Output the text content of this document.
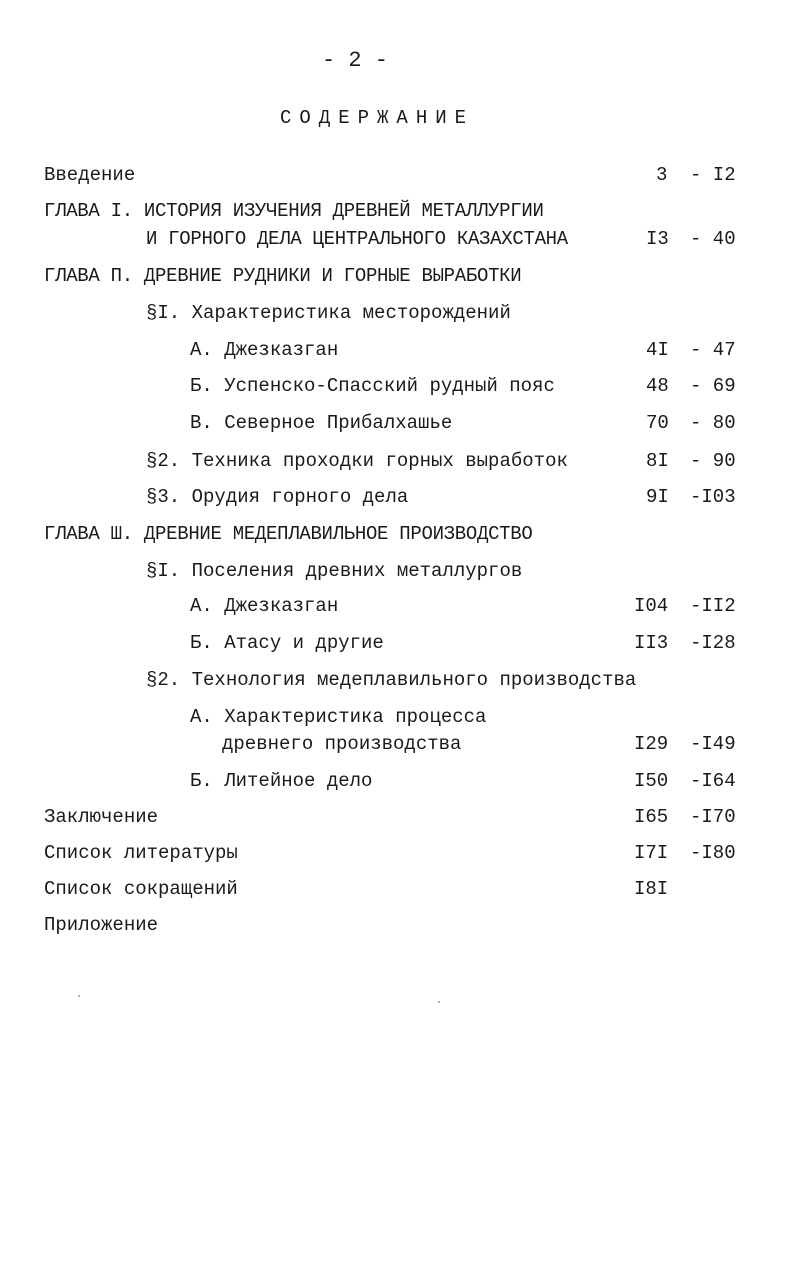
- 2 -
СОДЕРЖАНИЕ
Введение	3 - I2
ГЛАВА I. ИСТОРИЯ ИЗУЧЕНИЯ ДРЕВНЕЙ МЕТАЛЛУРГИИ
И ГОРНОГО ДЕЛА ЦЕНТРАЛЬНОГО КАЗАХСТАНА	I3 - 40
ГЛАВА П. ДРЕВНИЕ РУДНИКИ И ГОРНЫЕ ВЫРАБОТКИ
§I. Характеристика месторождений
А. Джезказган	4I - 47
Б. Успенско-Спасский рудный пояс	48 - 69
В. Северное Прибалхашье	70 - 80
§2. Техника проходки горных выработок	8I - 90
§3. Орудия горного дела	9I -I03
ГЛАВА Ш. ДРЕВНИЕ МЕДЕПЛАВИЛЬНОЕ ПРОИЗВОДСТВО
§I. Поселения древних металлургов
А. Джезказган	I04 -II2
Б. Атасу и другие	II3 -I28
§2. Технология медеплавильного производства
А. Характеристика процесса
древнего производства	I29 -I49
Б. Литейное дело	I50 -I64
Заключение	I65 -I70
Список литературы	I7I -I80
Список сокращений	I8I
Приложение
